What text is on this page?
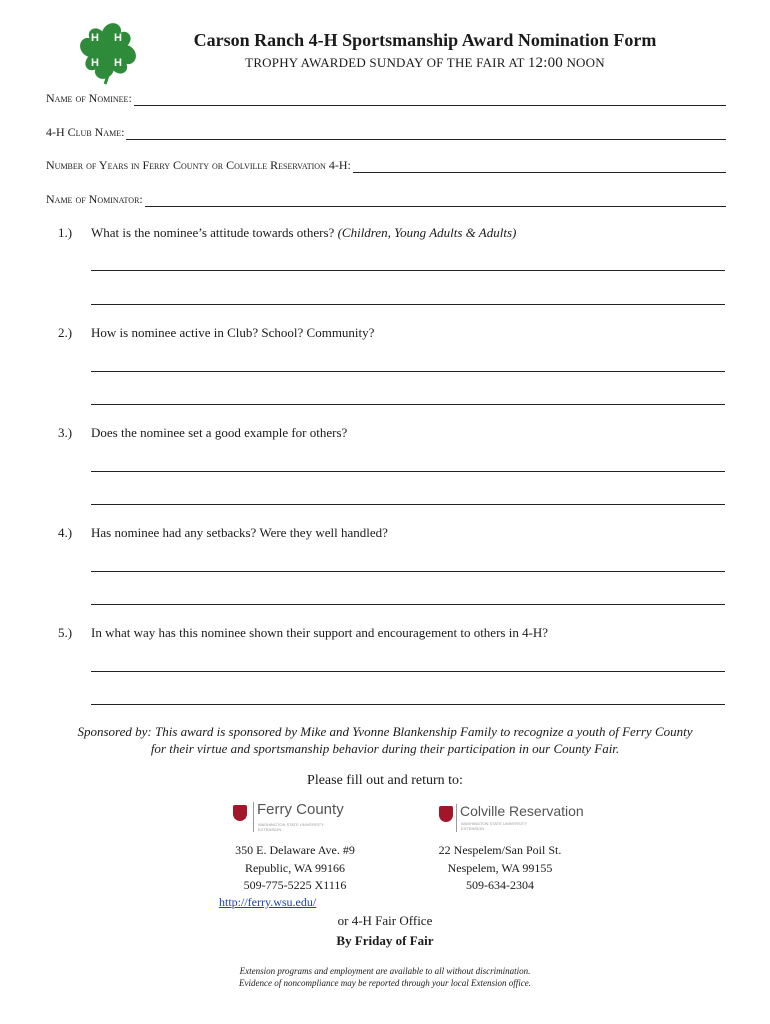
H H
H H
Carson Ranch 4-H Sportsmanship Award Nomination Form
TROPHY AWARDED SUNDAY OF THE FAIR AT 12:00 NOON
Name of Nominee:
4-H Club Name:
Number of Years in Ferry County or Colville Reservation 4-H:
Name of Nominator:
1.) What is the nominee’s attitude towards others? (Children, Young Adults & Adults)
2.) How is nominee active in Club? School? Community?
3.) Does the nominee set a good example for others?
4.) Has nominee had any setbacks? Were they well handled?
5.) In what way has this nominee shown their support and encouragement to others in 4-H?
Sponsored by: This award is sponsored by Mike and Yvonne Blankenship Family to recognize a youth of Ferry County
for their virtue and sportsmanship behavior during their participation in our County Fair.
Please fill out and return to:
Ferry County
WASHINGTON STATE UNIVERSITY
EXTENSION
Colville Reservation
WASHINGTON STATE UNIVERSITY
EXTENSION
350 E. Delaware Ave. #9
Republic, WA 99166
509-775-5225 X1116
http://ferry.wsu.edu/
22 Nespelem/San Poil St.
Nespelem, WA 99155
509-634-2304
or 4-H Fair Office
By Friday of Fair
Extension programs and employment are available to all without discrimination.
Evidence of noncompliance may be reported through your local Extension office.
